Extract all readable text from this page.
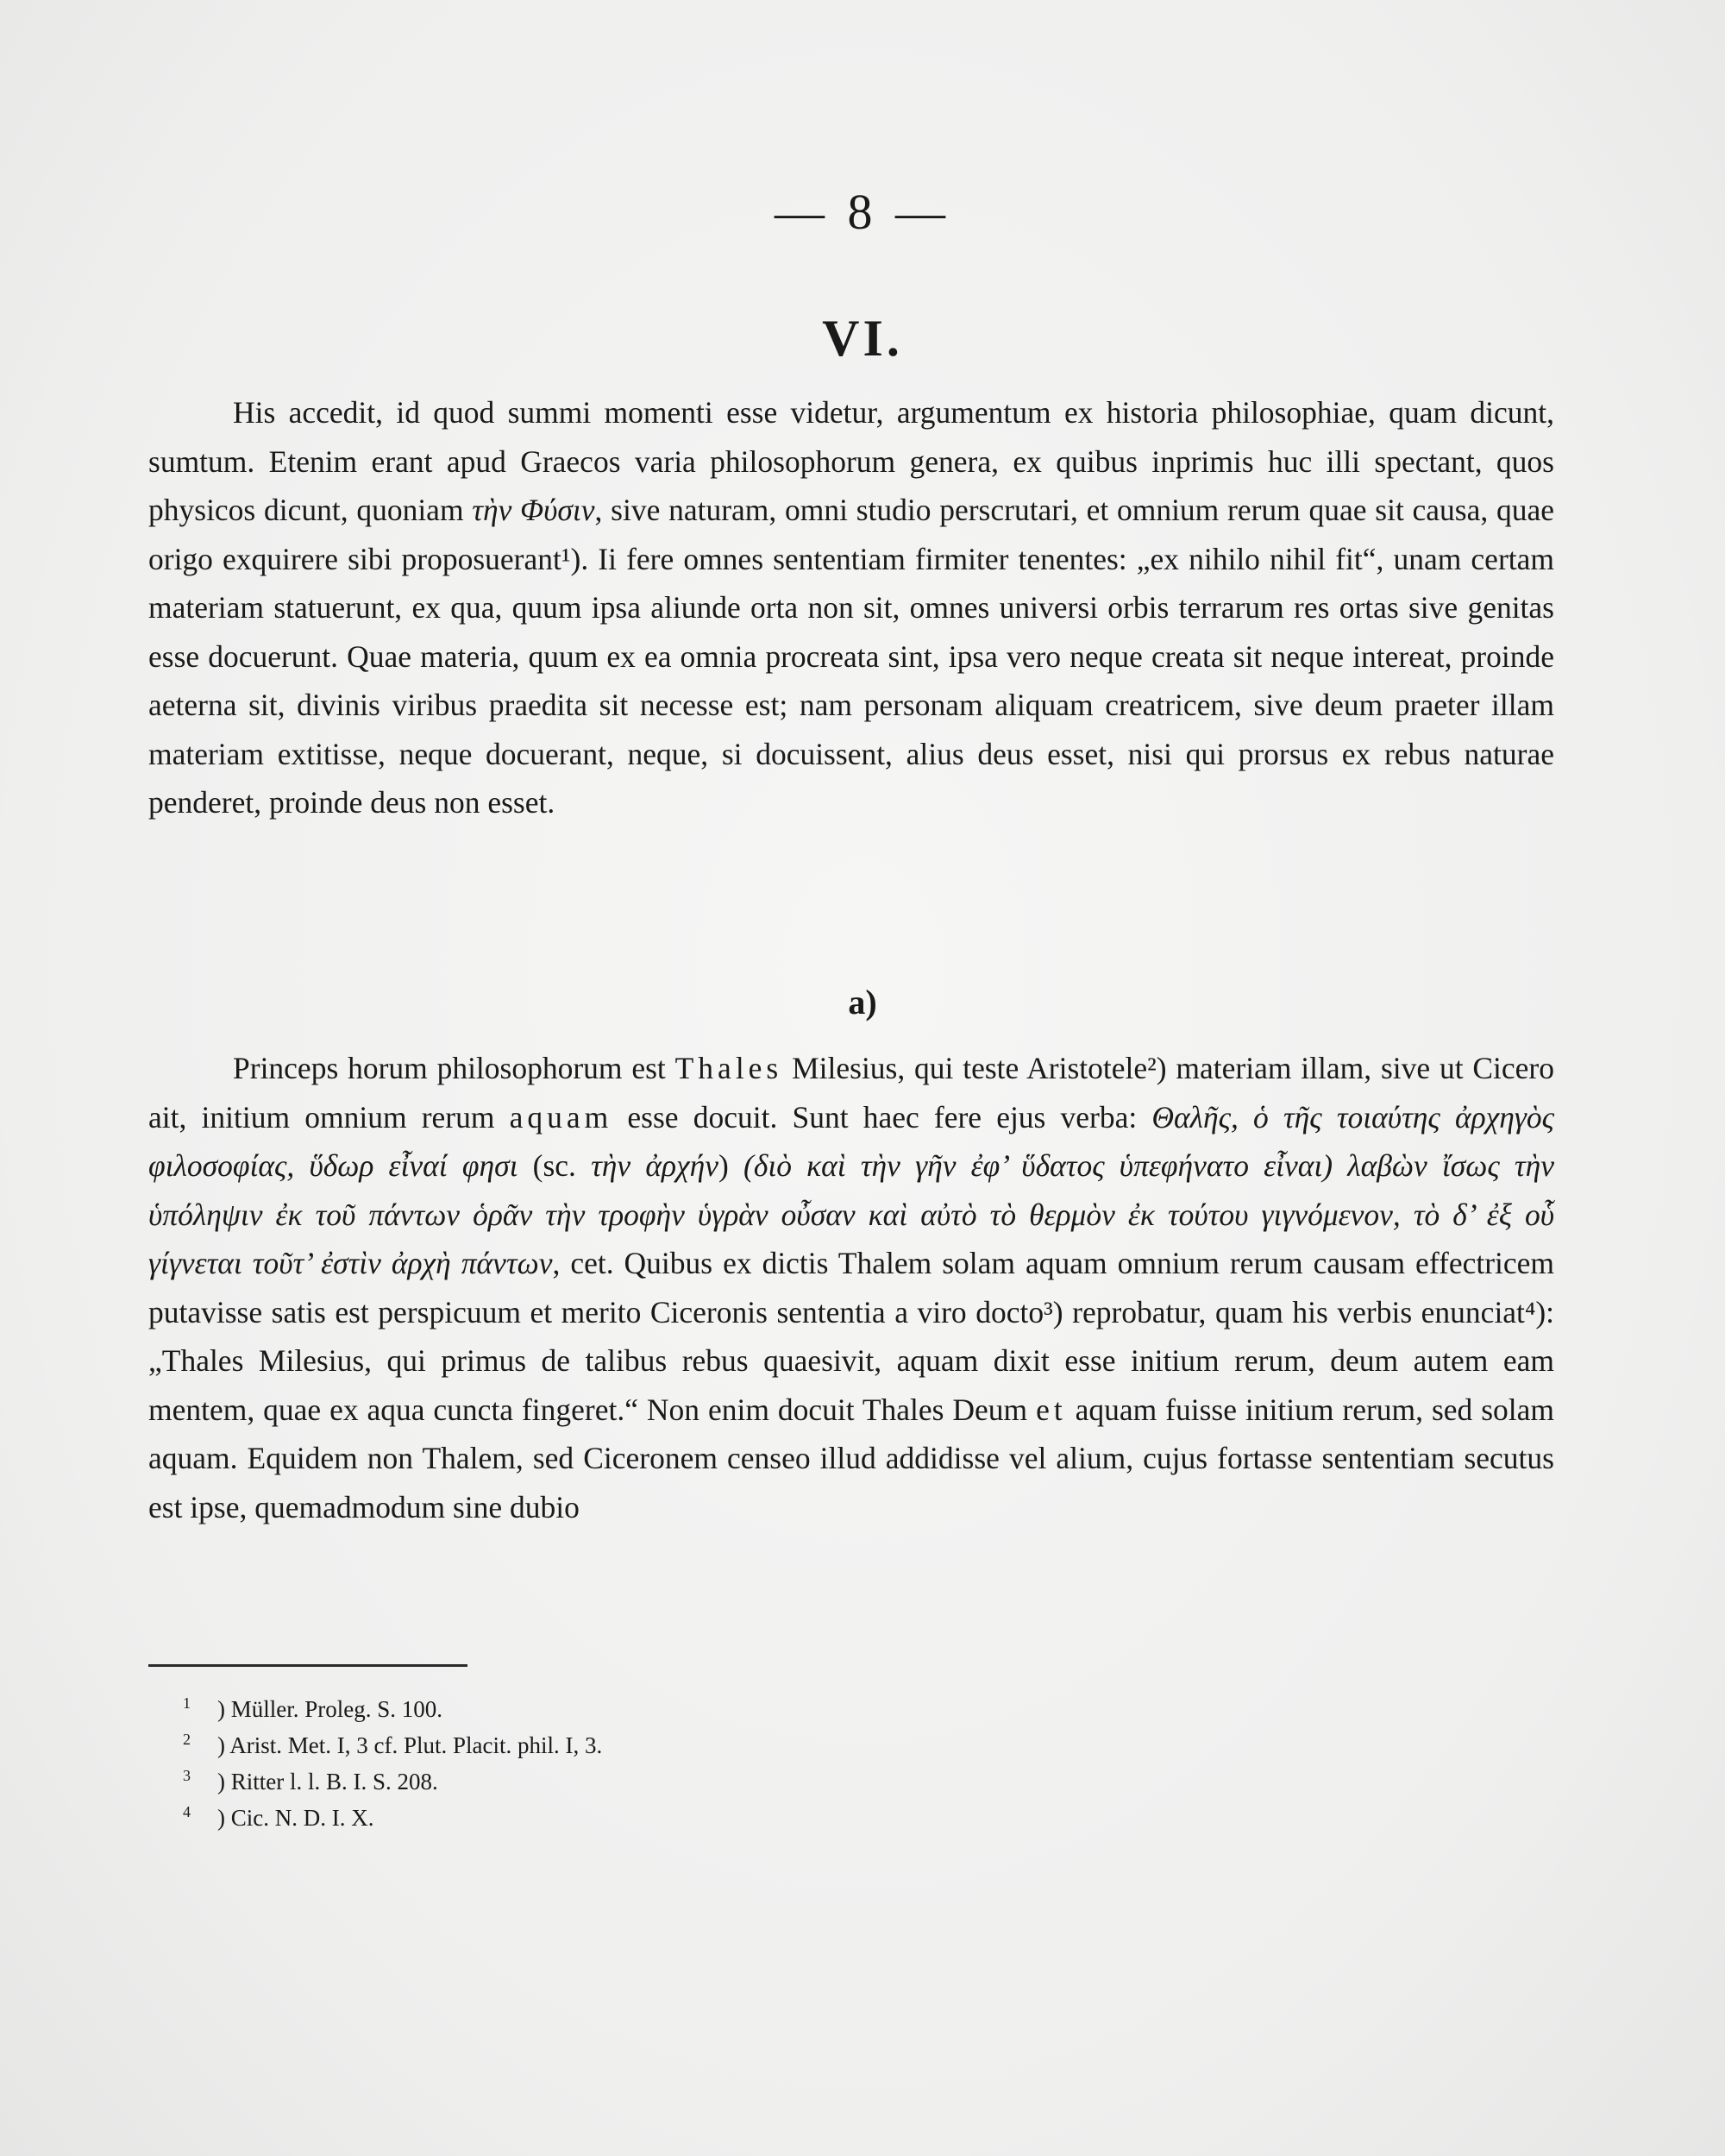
— 8 —
VI.

His accedit, id quod summi momenti esse videtur, argumentum ex historia philosophiae, quam dicunt, sumtum. Etenim erant apud Graecos varia philosophorum genera, ex quibus inprimis huc illi spectant, quos physicos dicunt, quoniam τὴν Φύσιν, sive naturam, omni studio perscrutari, et omnium rerum quae sit causa, quae origo exquirere sibi proposuerant¹). Ii fere omnes sententiam firmiter tenentes: „ex nihilo nihil fit“, unam certam materiam statuerunt, ex qua, quum ipsa aliunde orta non sit, omnes universi orbis terrarum res ortas sive genitas esse docuerunt. Quae materia, quum ex ea omnia procreata sint, ipsa vero neque creata sit neque intereat, proinde aeterna sit, divinis viribus praedita sit necesse est; nam personam aliquam creatricem, sive deum praeter illam materiam extitisse, neque docuerant, neque, si docuissent, alius deus esset, nisi qui prorsus ex rebus naturae penderet, proinde deus non esset.

a)

Princeps horum philosophorum est Thales Milesius, qui teste Aristotele²) materiam illam, sive ut Cicero ait, initium omnium rerum aquam esse docuit. Sunt haec fere ejus verba: Θαλῆς, ὁ τῆς τοιαύτης ἀρχηγὸς φιλοσοφίας, ὕδωρ εἶναί φησι (sc. τὴν ἀρχήν) (διὸ καὶ τὴν γῆν ἐφ’ ὕδατος ὑπεφήνατο εἶναι) λαβὼν ἴσως τὴν ὑπόληψιν ἐκ τοῦ πάντων ὁρᾶν τὴν τροφὴν ὑγρὰν οὖσαν καὶ αὐτὸ τὸ θερμὸν ἐκ τούτου γιγνόμενον, τὸ δ’ ἐξ οὗ γίγνεται τοῦτ’ ἐστὶν ἀρχὴ πάντων, cet. Quibus ex dictis Thalem solam aquam omnium rerum causam effectricem putavisse satis est perspicuum et merito Ciceronis sententia a viro docto³) reprobatur, quam his verbis enunciat⁴): „Thales Milesius, qui primus de talibus rebus quaesivit, aquam dixit esse initium rerum, deum autem eam mentem, quae ex aqua cuncta fingeret.“ Non enim docuit Thales Deum et aquam fuisse initium rerum, sed solam aquam. Equidem non Thalem, sed Ciceronem censeo illud addidisse vel alium, cujus fortasse sententiam secutus est ipse, quemadmodum sine dubio

$^1$	) Müller. Proleg. S. 100.
$^2$	) Arist. Met. I, 3 cf. Plut. Placit. phil. I, 3.
$^3$	) Ritter l. l. B. I. S. 208.
$^4$	) Cic. N. D. I. X.
